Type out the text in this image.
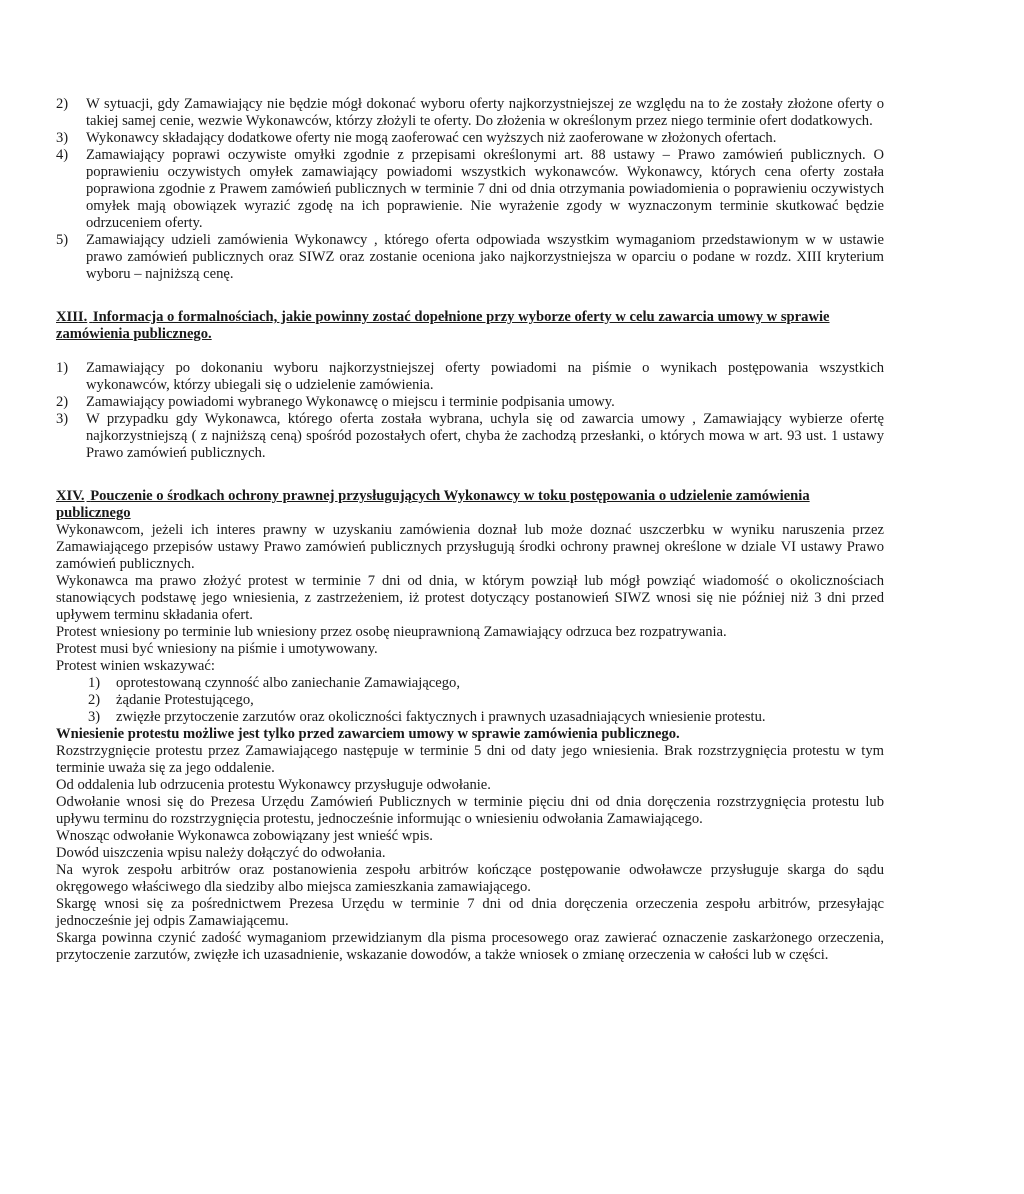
2) W sytuacji, gdy Zamawiający nie będzie mógł dokonać wyboru oferty najkorzystniejszej ze względu na to że zostały złożone oferty o takiej samej cenie, wezwie Wykonawców, którzy złożyli te oferty. Do złożenia w określonym przez niego terminie ofert dodatkowych.
3) Wykonawcy składający dodatkowe oferty nie mogą zaoferować cen wyższych niż zaoferowane w złożonych ofertach.
4) Zamawiający poprawi oczywiste omyłki zgodnie z przepisami określonymi art. 88 ustawy – Prawo zamówień publicznych. O poprawieniu oczywistych omyłek zamawiający powiadomi wszystkich wykonawców. Wykonawcy, których cena oferty została poprawiona zgodnie z Prawem zamówień publicznych w terminie 7 dni od dnia otrzymania powiadomienia o poprawieniu oczywistych omyłek mają obowiązek wyrazić zgodę na ich poprawienie. Nie wyrażenie zgody w wyznaczonym terminie skutkować będzie odrzuceniem oferty.
5) Zamawiający udzieli zamówienia Wykonawcy , którego oferta odpowiada wszystkim wymaganiom przedstawionym w w ustawie prawo zamówień publicznych oraz SIWZ oraz zostanie oceniona jako najkorzystniejsza w oparciu o podane w rozdz. XIII kryterium wyboru – najniższą cenę.
XIII. Informacja o formalnościach, jakie powinny zostać dopełnione przy wyborze oferty w celu zawarcia umowy w sprawie zamówienia publicznego.
1) Zamawiający po dokonaniu wyboru najkorzystniejszej oferty powiadomi na piśmie o wynikach postępowania wszystkich wykonawców, którzy ubiegali się o udzielenie zamówienia.
2) Zamawiający powiadomi wybranego Wykonawcę o miejscu i terminie podpisania umowy.
3) W przypadku gdy Wykonawca, którego oferta została wybrana, uchyla się od zawarcia umowy , Zamawiający wybierze ofertę najkorzystniejszą ( z najniższą ceną) spośród pozostałych ofert, chyba że zachodzą przesłanki, o których mowa w art. 93 ust. 1 ustawy Prawo zamówień publicznych.
XIV. Pouczenie o środkach ochrony prawnej przysługujących Wykonawcy w toku postępowania o udzielenie zamówienia publicznego
Wykonawcom, jeżeli ich interes prawny w uzyskaniu zamówienia doznał lub może doznać uszczerbku w wyniku naruszenia przez Zamawiającego przepisów ustawy Prawo zamówień publicznych przysługują środki ochrony prawnej określone w dziale VI ustawy Prawo zamówień publicznych.
Wykonawca ma prawo złożyć protest w terminie 7 dni od dnia, w którym powziął lub mógł powziąć wiadomość o okolicznościach stanowiących podstawę jego wniesienia, z zastrzeżeniem, iż protest dotyczący postanowień SIWZ wnosi się nie później niż 3 dni przed upływem terminu składania ofert.
Protest wniesiony po terminie lub wniesiony przez osobę nieuprawnioną Zamawiający odrzuca bez rozpatrywania.
Protest musi być wniesiony na piśmie i umotywowany.
Protest winien wskazywać:
1) oprotestowaną czynność albo zaniechanie Zamawiającego,
2) żądanie Protestującego,
3) zwięzłe przytoczenie zarzutów oraz okoliczności faktycznych i prawnych uzasadniających wniesienie protestu.
Wniesienie protestu możliwe jest tylko przed zawarciem umowy w sprawie zamówienia publicznego.
Rozstrzygnięcie protestu przez Zamawiającego następuje w terminie 5 dni od daty jego wniesienia. Brak rozstrzygnięcia protestu w tym terminie uważa się za jego oddalenie.
Od oddalenia lub odrzucenia protestu Wykonawcy przysługuje odwołanie.
Odwołanie wnosi się do Prezesa Urzędu Zamówień Publicznych w terminie pięciu dni od dnia doręczenia rozstrzygnięcia protestu lub upływu terminu do rozstrzygnięcia protestu, jednocześnie informując o wniesieniu odwołania Zamawiającego.
Wnosząc odwołanie Wykonawca zobowiązany jest wnieść wpis.
Dowód uiszczenia wpisu należy dołączyć do odwołania.
Na wyrok zespołu arbitrów oraz postanowienia zespołu arbitrów kończące postępowanie odwoławcze przysługuje skarga do sądu okręgowego właściwego dla siedziby albo miejsca zamieszkania zamawiającego.
Skargę wnosi się za pośrednictwem Prezesa Urzędu w terminie 7 dni od dnia doręczenia orzeczenia zespołu arbitrów, przesyłając jednocześnie jej odpis Zamawiającemu.
Skarga powinna czynić zadość wymaganiom przewidzianym dla pisma procesowego oraz zawierać oznaczenie zaskarżonego orzeczenia, przytoczenie zarzutów, zwięzłe ich uzasadnienie, wskazanie dowodów, a także wniosek o zmianę orzeczenia w całości lub w części.
